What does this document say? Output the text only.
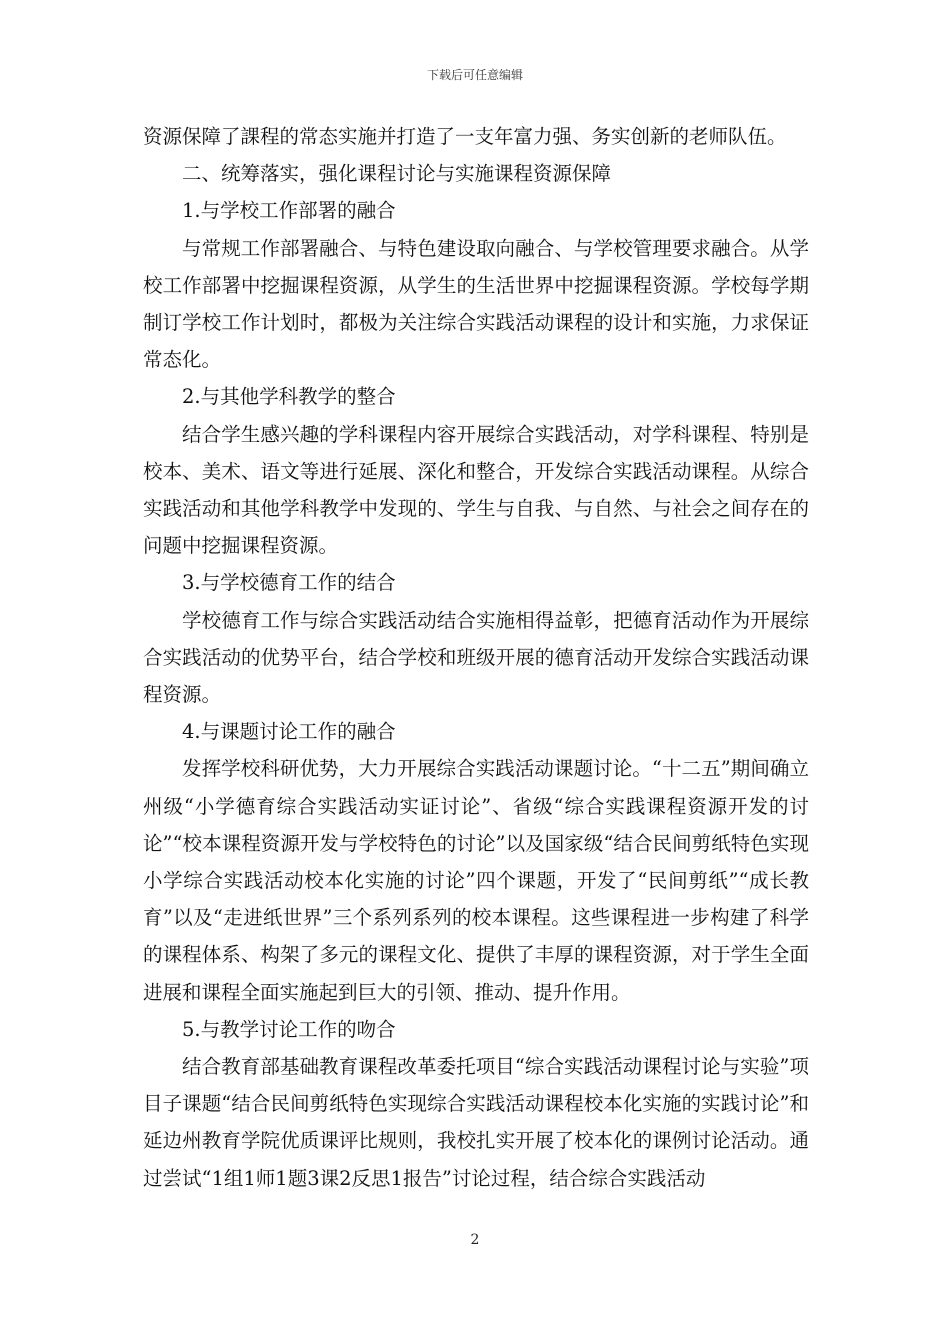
下载后可任意编辑

资源保障了課程的常态实施并打造了一支年富力强、务实创新的老师队伍。

二、统筹落实，强化课程讨论与实施课程资源保障

1.与学校工作部署的融合

与常规工作部署融合、与特色建设取向融合、与学校管理要求融合。从学校工作部署中挖掘课程资源，从学生的生活世界中挖掘课程资源。学校每学期制订学校工作计划时，都极为关注综合实践活动课程的设计和实施，力求保证常态化。

2.与其他学科教学的整合

结合学生感兴趣的学科课程内容开展综合实践活动，对学科课程、特别是校本、美术、语文等进行延展、深化和整合，开发综合实践活动课程。从综合实践活动和其他学科教学中发现的、学生与自我、与自然、与社会之间存在的问题中挖掘课程资源。

3.与学校德育工作的结合

学校德育工作与综合实践活动结合实施相得益彰，把德育活动作为开展综合实践活动的优势平台，结合学校和班级开展的德育活动开发综合实践活动课程资源。

4.与课题讨论工作的融合

发挥学校科研优势，大力开展综合实践活动课题讨论。“十二五”期间确立州级“小学德育综合实践活动实证讨论”、省级“综合实践课程资源开发的讨论”“校本课程资源开发与学校特色的讨论”以及国家级“结合民间剪纸特色实现小学综合实践活动校本化实施的讨论”四个课题，开发了“民间剪纸”“成长教育”以及“走进纸世界”三个系列系列的校本课程。这些课程进一步构建了科学的课程体系、构架了多元的课程文化、提供了丰厚的课程资源，对于学生全面进展和课程全面实施起到巨大的引领、推动、提升作用。

5.与教学讨论工作的吻合

结合教育部基础教育课程改革委托项目“综合实践活动课程讨论与实验”项目子课题“结合民间剪纸特色实现综合实践活动课程校本化实施的实践讨论”和延边州教育学院优质课评比规则，我校扎实开展了校本化的课例讨论活动。通过尝试“1组1师1题3课2反思1报告”讨论过程，结合综合实践活动

2
